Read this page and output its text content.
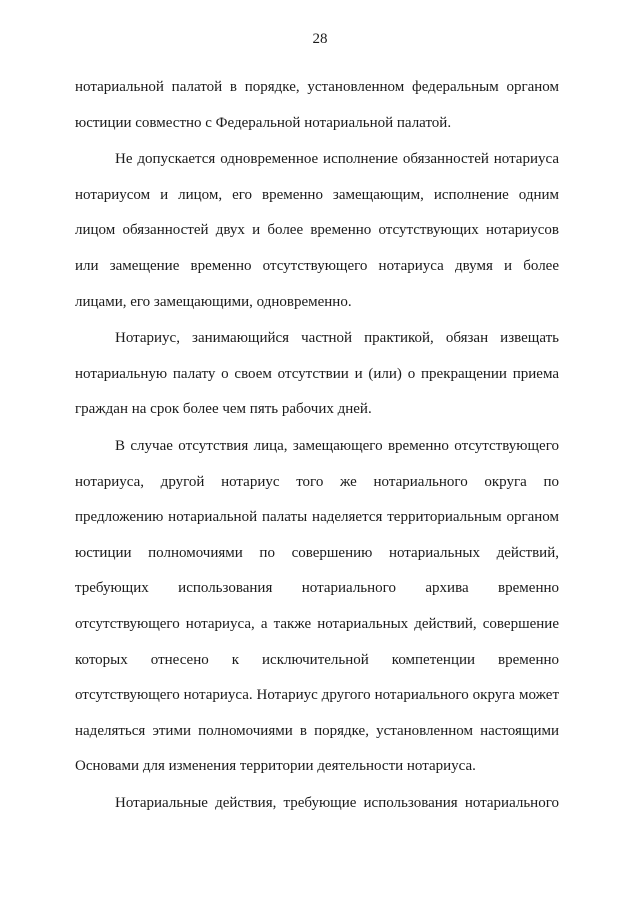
28

нотариальной палатой в порядке, установленном федеральным органом юстиции совместно с Федеральной нотариальной палатой.

Не допускается одновременное исполнение обязанностей нотариуса нотариусом и лицом, его временно замещающим, исполнение одним лицом обязанностей двух и более временно отсутствующих нотариусов или замещение временно отсутствующего нотариуса двумя и более лицами, его замещающими, одновременно.

Нотариус, занимающийся частной практикой, обязан извещать нотариальную палату о своем отсутствии и (или) о прекращении приема граждан на срок более чем пять рабочих дней.

В случае отсутствия лица, замещающего временно отсутствующего нотариуса, другой нотариус того же нотариального округа по предложению нотариальной палаты наделяется территориальным органом юстиции полномочиями по совершению нотариальных действий, требующих использования нотариального архива временно отсутствующего нотариуса, а также нотариальных действий, совершение которых отнесено к исключительной компетенции временно отсутствующего нотариуса. Нотариус другого нотариального округа может наделяться этими полномочиями в порядке, установленном настоящими Основами для изменения территории деятельности нотариуса.

Нотариальные действия, требующие использования нотариального
